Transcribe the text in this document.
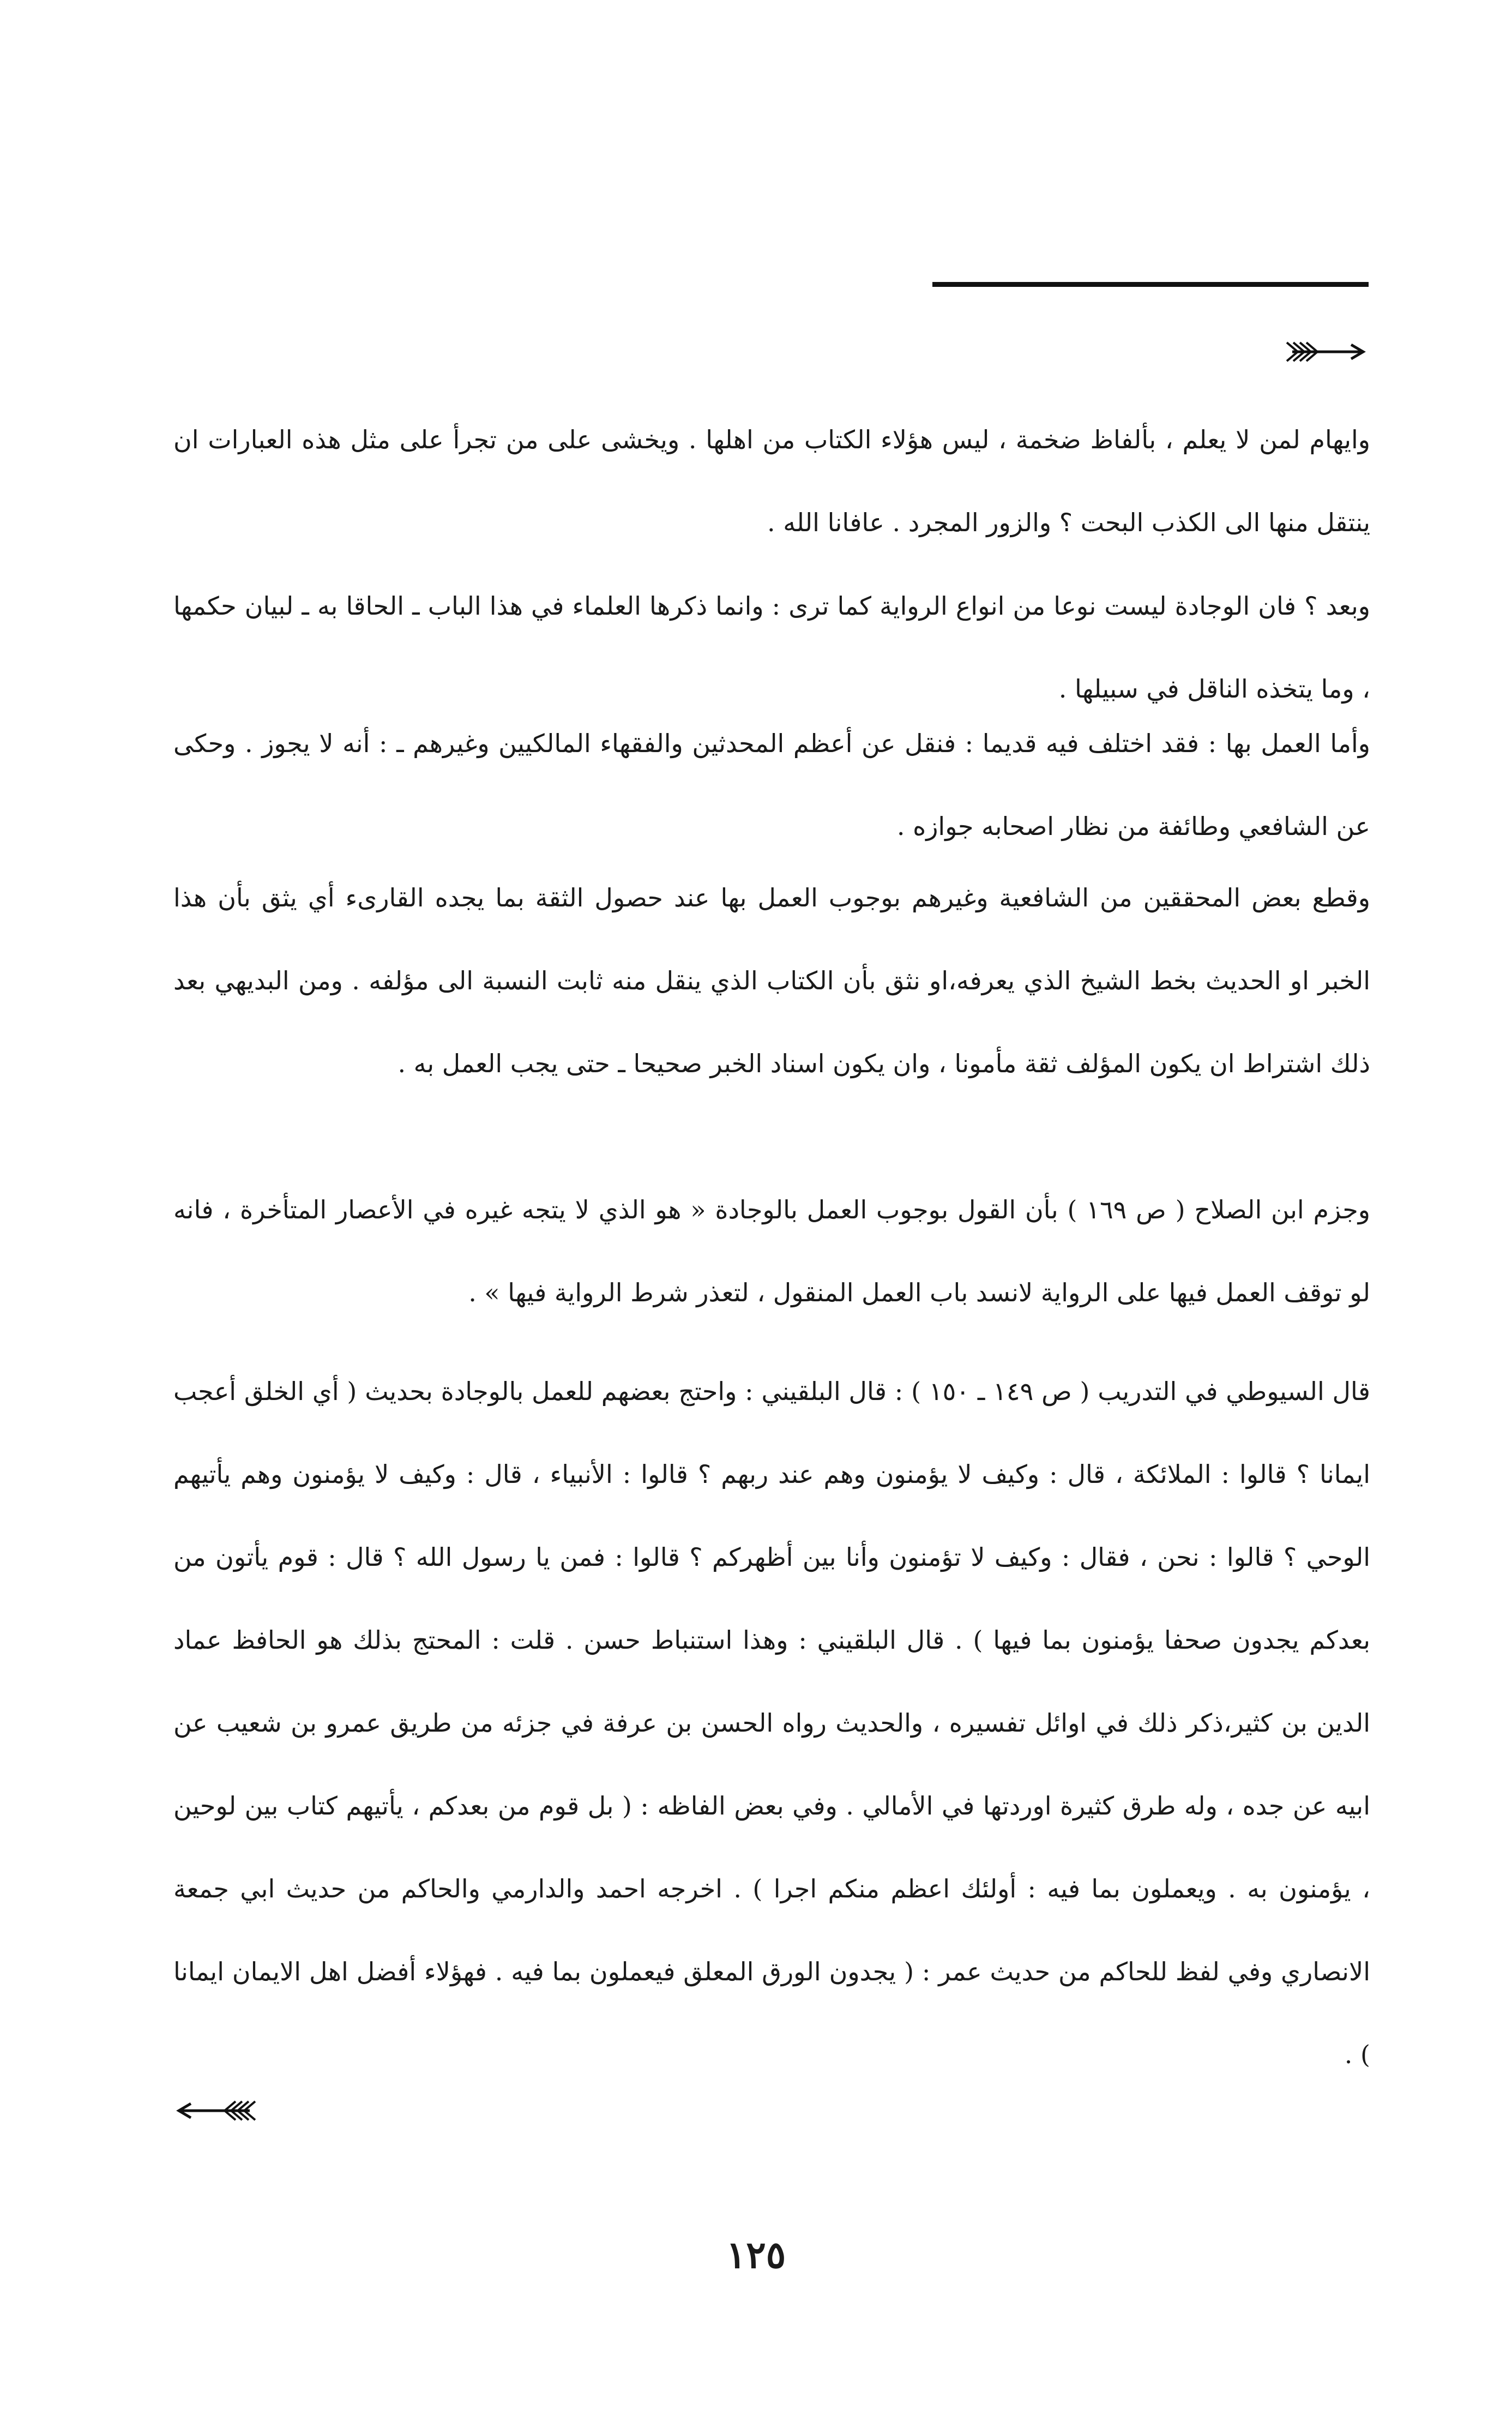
وايهام لمن لا يعلم ، بألفاظ ضخمة ، ليس هؤلاء الكتاب من اهلها . ويخشى على من تجرأ على مثل هذه العبارات ان ينتقل منها الى الكذب البحت ؟ والزور المجرد . عافانا الله .

وبعد ؟ فان الوجادة ليست نوعا من انواع الرواية كما ترى : وانما ذكرها العلماء في هذا الباب ـ الحاقا به ـ لبيان حكمها ، وما يتخذه الناقل في سبيلها .

وأما العمل بها : فقد اختلف فيه قديما : فنقل عن أعظم المحدثين والفقهاء المالكيين وغيرهم ـ : أنه لا يجوز . وحكى عن الشافعي وطائفة من نظار اصحابه جوازه .

وقطع بعض المحققين من الشافعية وغيرهم بوجوب العمل بها عند حصول الثقة بما يجده القارىء أي يثق بأن هذا الخبر او الحديث بخط الشيخ الذي يعرفه،او نثق بأن الكتاب الذي ينقل منه ثابت النسبة الى مؤلفه . ومن البديهي بعد ذلك اشتراط ان يكون المؤلف ثقة مأمونا ، وان يكون اسناد الخبر صحيحا ـ حتى يجب العمل به .

وجزم ابن الصلاح ( ص ١٦٩ ) بأن القول بوجوب العمل بالوجادة « هو الذي لا يتجه غيره في الأعصار المتأخرة ، فانه لو توقف العمل فيها على الرواية لانسد باب العمل المنقول ، لتعذر شرط الرواية فيها » .

قال السيوطي في التدريب ( ص ١٤٩ ـ ١٥٠ ) : قال البلقيني : واحتج بعضهم للعمل بالوجادة بحديث ( أي الخلق أعجب ايمانا ؟ قالوا : الملائكة ، قال : وكيف لا يؤمنون وهم عند ربهم ؟ قالوا : الأنبياء ، قال : وكيف لا يؤمنون وهم يأتيهم الوحي ؟ قالوا : نحن ، فقال : وكيف لا تؤمنون وأنا بين أظهركم ؟ قالوا : فمن يا رسول الله ؟ قال : قوم يأتون من بعدكم يجدون صحفا يؤمنون بما فيها ) . قال البلقيني : وهذا استنباط حسن . قلت : المحتج بذلك هو الحافظ عماد الدين بن كثير،ذكر ذلك في اوائل تفسيره ، والحديث رواه الحسن بن عرفة في جزئه من طريق عمرو بن شعيب عن ابيه عن جده ، وله طرق كثيرة اوردتها في الأمالي . وفي بعض الفاظه : ( بل قوم من بعدكم ، يأتيهم كتاب بين لوحين ، يؤمنون به . ويعملون بما فيه : أولئك اعظم منكم اجرا ) . اخرجه احمد والدارمي والحاكم من حديث ابي جمعة الانصاري وفي لفظ للحاكم من حديث عمر : ( يجدون الورق المعلق فيعملون بما فيه . فهؤلاء أفضل اهل الايمان ايمانا ) .

١٢٥
